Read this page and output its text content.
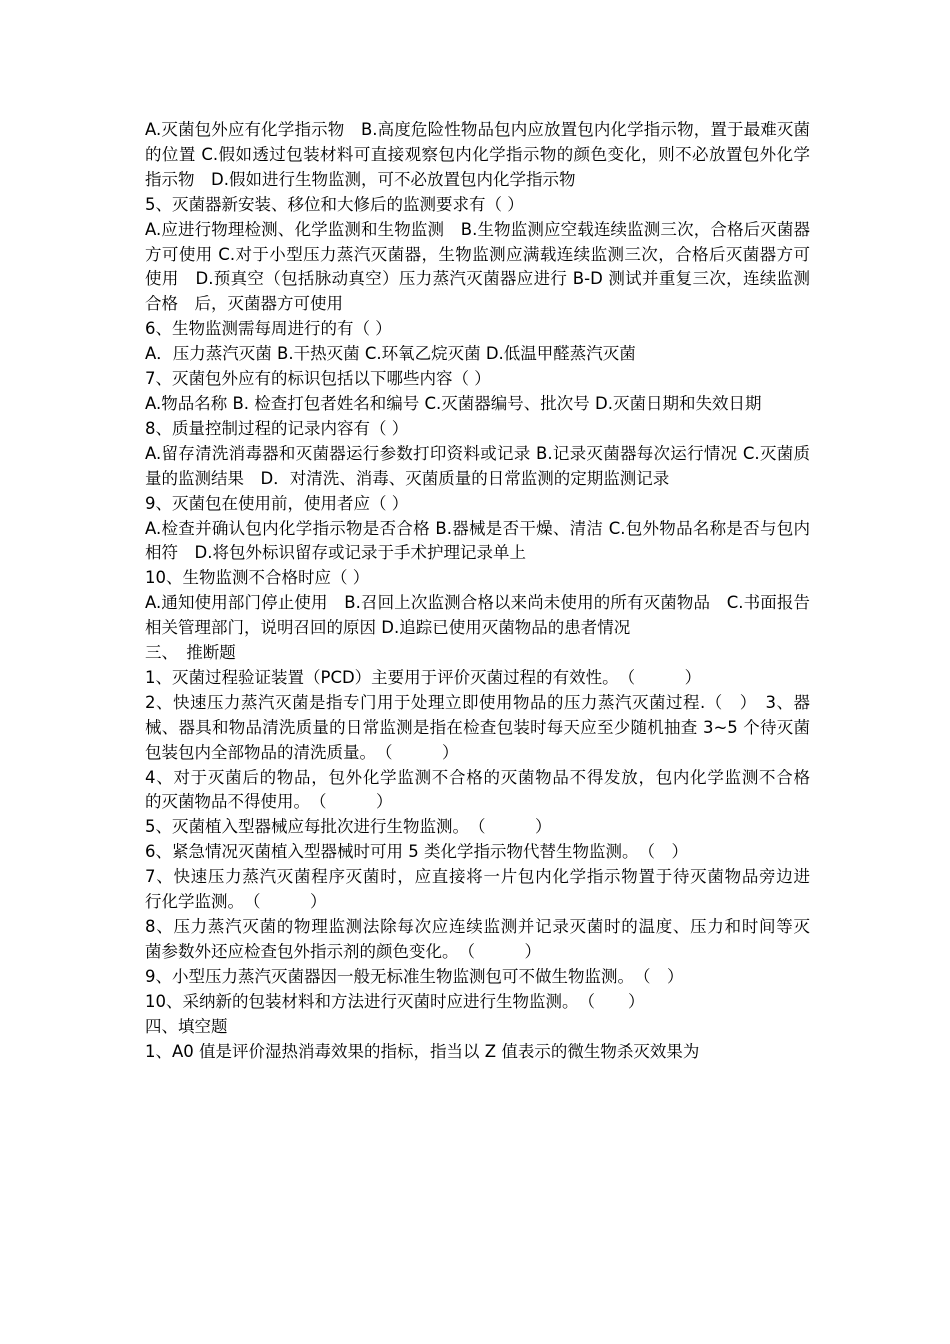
A.灭菌包外应有化学指示物　B.高度危险性物品包内应放置包内化学指示物，置于最难灭菌的位置 C.假如透过包装材料可直接观察包内化学指示物的颜色变化，则不必放置包外化学指示物　D.假如进行生物监测，可不必放置包内化学指示物

5、灭菌器新安装、移位和大修后的监测要求有（ ）

A.应进行物理检测、化学监测和生物监测　B.生物监测应空载连续监测三次，合格后灭菌器方可使用 C.对于小型压力蒸汽灭菌器，生物监测应满载连续监测三次，合格后灭菌器方可使用　D.预真空（包括脉动真空）压力蒸汽灭菌器应进行 B-D 测试并重复三次，连续监测合格　后，灭菌器方可使用

6、生物监测需每周进行的有（ ）

A．压力蒸汽灭菌 B.干热灭菌 C.环氧乙烷灭菌 D.低温甲醛蒸汽灭菌

7、灭菌包外应有的标识包括以下哪些内容（ ）

A.物品名称 B. 检查打包者姓名和编号 C.灭菌器编号、批次号 D.灭菌日期和失效日期

8、质量控制过程的记录内容有（ ）

A.留存清洗消毒器和灭菌器运行参数打印资料或记录 B.记录灭菌器每次运行情况 C.灭菌质量的监测结果　D．对清洗、消毒、灭菌质量的日常监测的定期监测记录

9、灭菌包在使用前，使用者应（ ）

A.检查并确认包内化学指示物是否合格 B.器械是否干燥、清洁 C.包外物品名称是否与包内相符　D.将包外标识留存或记录于手术护理记录单上

10、生物监测不合格时应（ ）

A.通知使用部门停止使用　B.召回上次监测合格以来尚未使用的所有灭菌物品　C.书面报告相关管理部门，说明召回的原因 D.追踪已使用灭菌物品的患者情况

三、　推断题

1、灭菌过程验证装置（PCD）主要用于评价灭菌过程的有效性。　（　　　）

2、快速压力蒸汽灭菌是指专门用于处理立即使用物品的压力蒸汽灭菌过程.（　）　3、器械、器具和物品清洗质量的日常监测是指在检查包装时每天应至少随机抽查 3~5 个待灭菌包装包内全部物品的清洗质量。　（　　　）

4、对于灭菌后的物品，包外化学监测不合格的灭菌物品不得发放，包内化学监测不合格　的灭菌物品不得使用。　（　　　）

5、灭菌植入型器械应每批次进行生物监测。　（　　　）

6、紧急情况灭菌植入型器械时可用 5 类化学指示物代替生物监测。　（　）

7、快速压力蒸汽灭菌程序灭菌时，应直接将一片包内化学指示物置于待灭菌物品旁边进　行化学监测。　（　　　）

8、压力蒸汽灭菌的物理监测法除每次应连续监测并记录灭菌时的温度、压力和时间等灭　菌参数外还应检查包外指示剂的颜色变化。　（　　　）

9、小型压力蒸汽灭菌器因一般无标准生物监测包可不做生物监测。　（　）

10、采纳新的包装材料和方法进行灭菌时应进行生物监测。　（　　）

四、填空题

1、A0 值是评价湿热消毒效果的指标，指当以 Z 值表示的微生物杀灭效果为
